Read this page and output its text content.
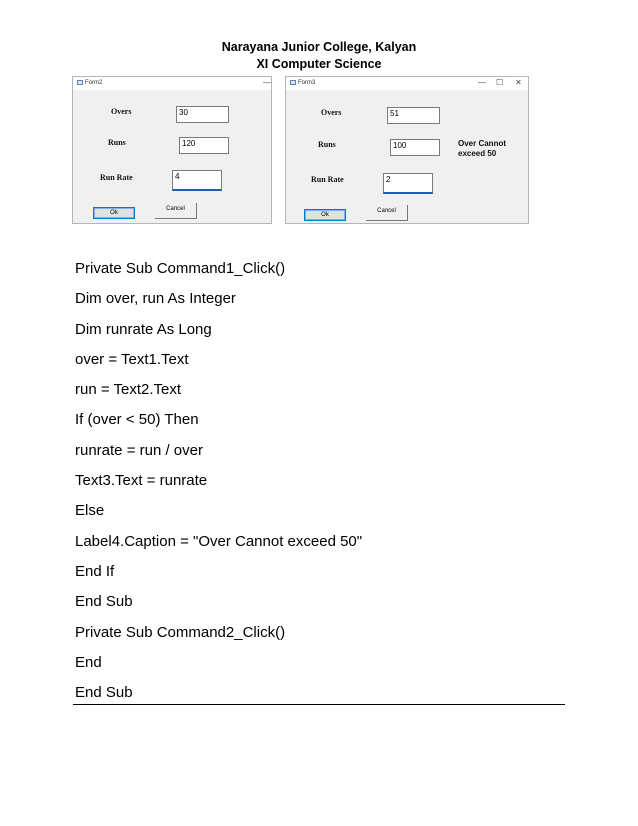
Narayana Junior College, Kalyan
XI Computer Science
Form2	—
Overs	30
Runs	120
Run Rate	4
Ok
Cancel
Form3	— ☐ ✕
Overs	51
Runs	100	Over Cannot
exceed 50
Run Rate	2
Ok
Cancel
Private Sub Command1_Click()
Dim over, run As Integer
Dim runrate As Long
over = Text1.Text
run = Text2.Text
If (over < 50) Then
runrate = run / over
Text3.Text = runrate
Else
Label4.Caption = "Over Cannot exceed 50"
End If
End Sub
Private Sub Command2_Click()
End
End Sub
